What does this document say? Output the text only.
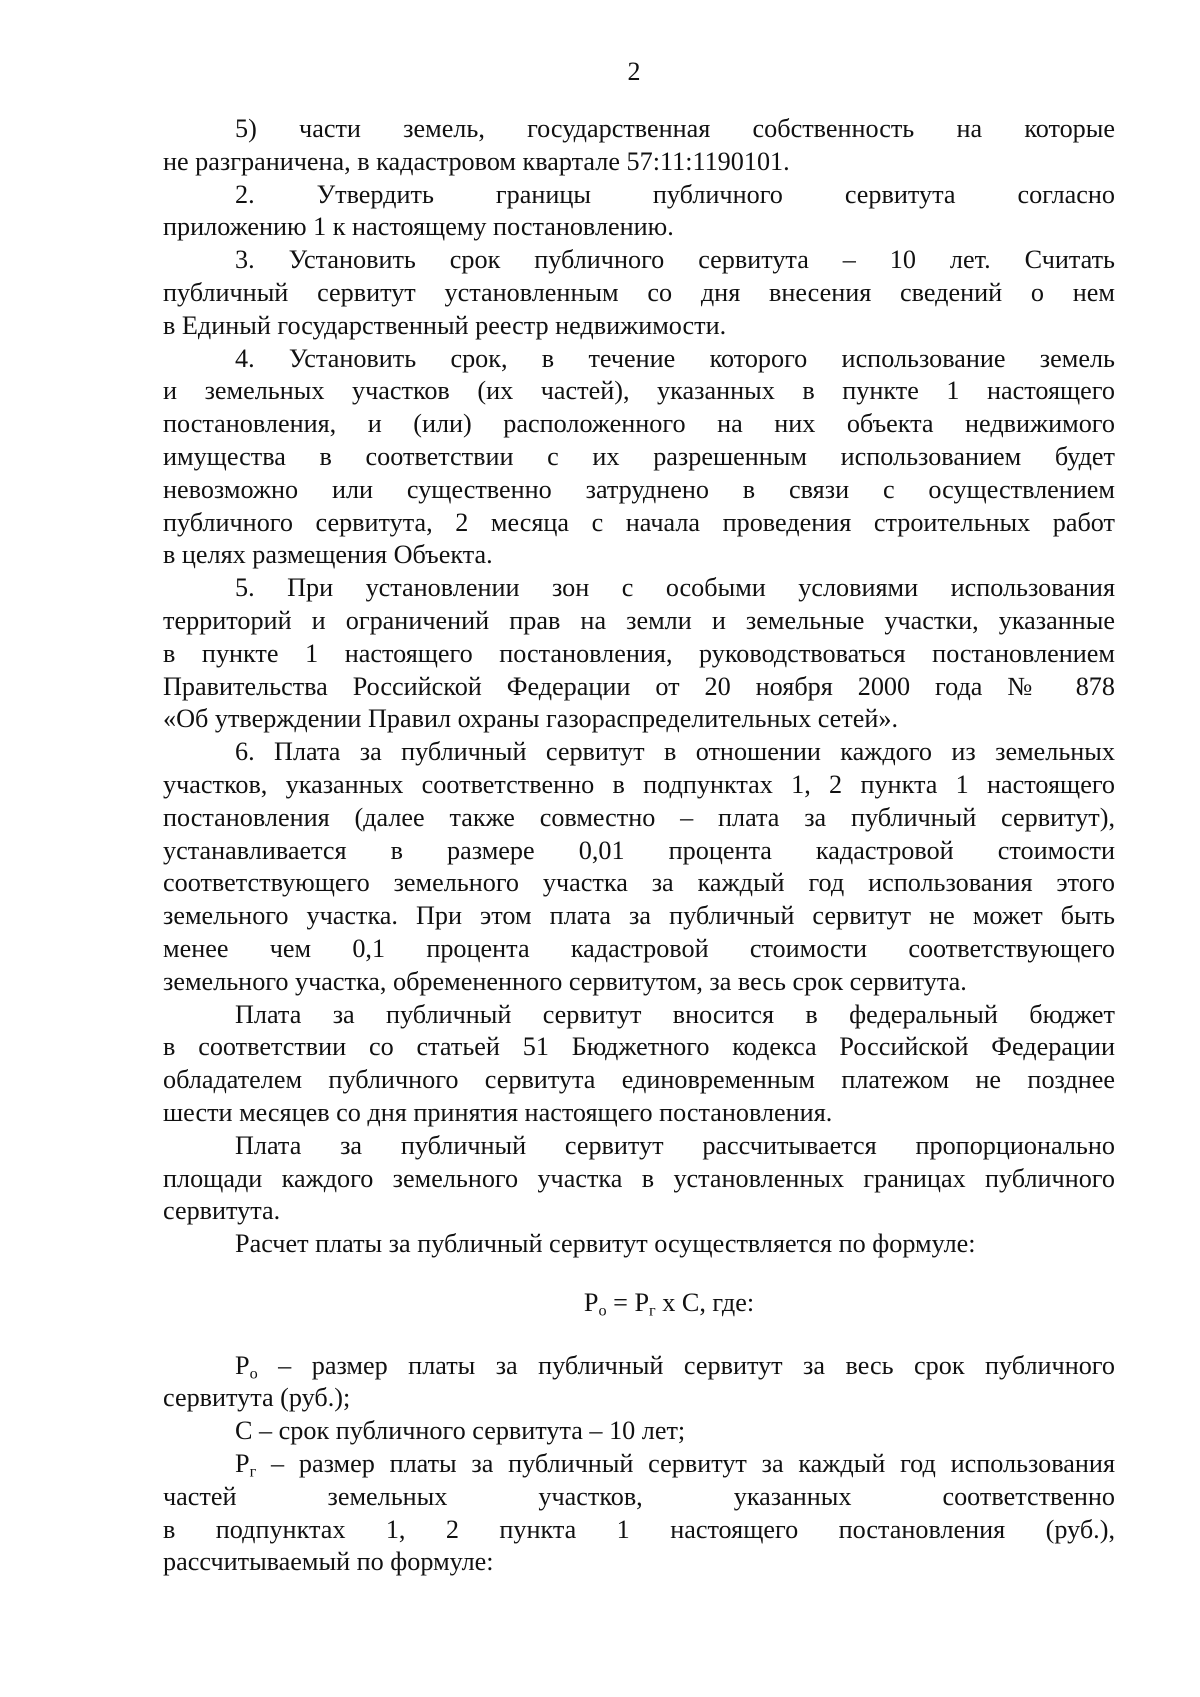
2

5) части земель, государственная собственность на которые
не разграничена, в кадастровом квартале 57:11:1190101.

2. Утвердить границы публичного сервитута согласно
приложению 1 к настоящему постановлению.

3. Установить срок публичного сервитута – 10 лет. Считать
публичный сервитут установленным со дня внесения сведений о нем
в Единый государственный реестр недвижимости.

4. Установить срок, в течение которого использование земель
и земельных участков (их частей), указанных в пункте 1 настоящего
постановления, и (или) расположенного на них объекта недвижимого
имущества в соответствии с их разрешенным использованием будет
невозможно или существенно затруднено в связи с осуществлением
публичного сервитута, 2 месяца с начала проведения строительных работ
в целях размещения Объекта.

5. При установлении зон с особыми условиями использования
территорий и ограничений прав на земли и земельные участки, указанные
в пункте 1 настоящего постановления, руководствоваться постановлением
Правительства Российской Федерации от 20 ноября 2000 года № 878
«Об утверждении Правил охраны газораспределительных сетей».

6. Плата за публичный сервитут в отношении каждого из земельных
участков, указанных соответственно в подпунктах 1, 2 пункта 1 настоящего
постановления (далее также совместно – плата за публичный сервитут),
устанавливается в размере 0,01 процента кадастровой стоимости
соответствующего земельного участка за каждый год использования этого
земельного участка. При этом плата за публичный сервитут не может быть
менее чем 0,1 процента кадастровой стоимости соответствующего
земельного участка, обремененного сервитутом, за весь срок сервитута.

Плата за публичный сервитут вносится в федеральный бюджет
в соответствии со статьей 51 Бюджетного кодекса Российской Федерации
обладателем публичного сервитута единовременным платежом не позднее
шести месяцев со дня принятия настоящего постановления.

Плата за публичный сервитут рассчитывается пропорционально
площади каждого земельного участка в установленных границах публичного
сервитута.

Расчет платы за публичный сервитут осуществляется по формуле:

$P_о = P_г$ x C, где:

$P_о$ – размер платы за публичный сервитут за весь срок публичного
сервитута (руб.);

С – срок публичного сервитута – 10 лет;

$P_г$ – размер платы за публичный сервитут за каждый год использования
частей земельных участков, указанных соответственно
в подпунктах 1, 2 пункта 1 настоящего постановления (руб.),
рассчитываемый по формуле:
